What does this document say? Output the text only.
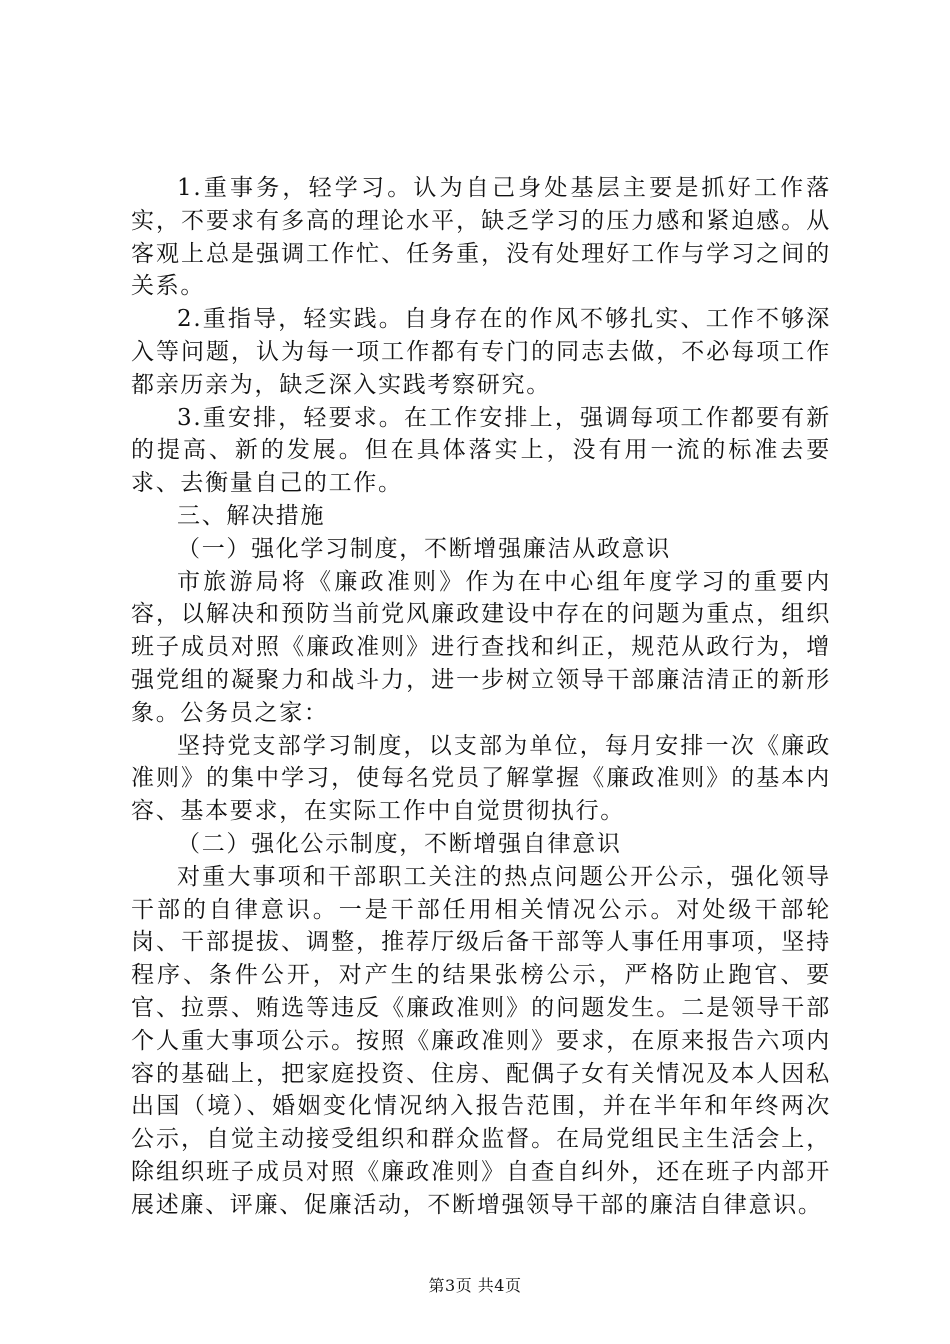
1.重事务，轻学习。认为自己身处基层主要是抓好工作落实，不要求有多高的理论水平，缺乏学习的压力感和紧迫感。从客观上总是强调工作忙、任务重，没有处理好工作与学习之间的关系。

2.重指导，轻实践。自身存在的作风不够扎实、工作不够深入等问题，认为每一项工作都有专门的同志去做，不必每项工作都亲历亲为，缺乏深入实践考察研究。

3.重安排，轻要求。在工作安排上，强调每项工作都要有新的提高、新的发展。但在具体落实上，没有用一流的标准去要求、去衡量自己的工作。

三、解决措施

（一）强化学习制度，不断增强廉洁从政意识

市旅游局将《廉政准则》作为在中心组年度学习的重要内容，以解决和预防当前党风廉政建设中存在的问题为重点，组织班子成员对照《廉政准则》进行查找和纠正，规范从政行为，增强党组的凝聚力和战斗力，进一步树立领导干部廉洁清正的新形象。公务员之家：

坚持党支部学习制度，以支部为单位，每月安排一次《廉政准则》的集中学习，使每名党员了解掌握《廉政准则》的基本内容、基本要求，在实际工作中自觉贯彻执行。

（二）强化公示制度，不断增强自律意识

对重大事项和干部职工关注的热点问题公开公示，强化领导干部的自律意识。一是干部任用相关情况公示。对处级干部轮岗、干部提拔、调整，推荐厅级后备干部等人事任用事项，坚持程序、条件公开，对产生的结果张榜公示，严格防止跑官、要官、拉票、贿选等违反《廉政准则》的问题发生。二是领导干部个人重大事项公示。按照《廉政准则》要求，在原来报告六项内容的基础上，把家庭投资、住房、配偶子女有关情况及本人因私出国（境）、婚姻变化情况纳入报告范围，并在半年和年终两次公示，自觉主动接受组织和群众监督。在局党组民主生活会上，除组织班子成员对照《廉政准则》自查自纠外，还在班子内部开展述廉、评廉、促廉活动，不断增强领导干部的廉洁自律意识。

第3页 共4页
